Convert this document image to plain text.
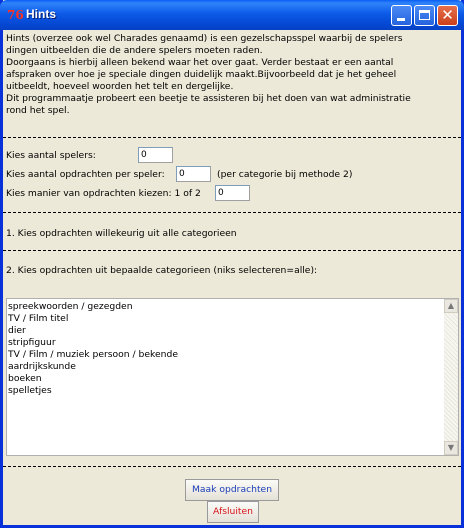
76 Hints	✕
Hints (overzee ook wel Charades genaamd) is een gezelschapsspel waarbij de spelers
dingen uitbeelden die de andere spelers moeten raden.
Doorgaans is hierbij alleen bekend waar het over gaat. Verder bestaat er een aantal
afspraken over hoe je speciale dingen duidelijk maakt.Bijvoorbeeld dat je het geheel
uitbeeldt, hoeveel woorden het telt en dergelijke.
Dit programmaatje probeert een beetje te assisteren bij het doen van wat administratie
rond het spel.
Kies aantal spelers:
0
Kies aantal opdrachten per speler:
0	(per categorie bij methode 2)
Kies manier van opdrachten kiezen: 1 of 2
0
1. Kies opdrachten willekeurig uit alle categorieen
2. Kies opdrachten uit bepaalde categorieen (niks selecteren=alle):
spreekwoorden / gezegden
TV / Film titel
dier
stripfiguur
TV / Film / muziek persoon / bekende
aardrijkskunde
boeken
spelletjes
▲
▼
Maak opdrachten
Afsluiten
